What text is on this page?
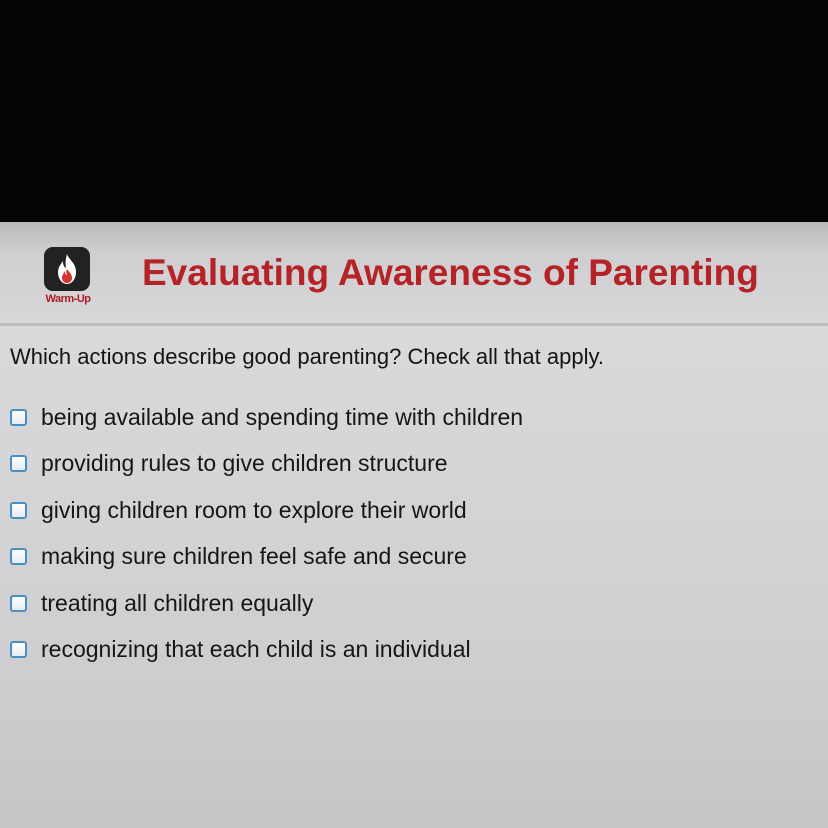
Warm-Up
Evaluating Awareness of Parenting
Which actions describe good parenting? Check all that apply.
being available and spending time with children
providing rules to give children structure
giving children room to explore their world
making sure children feel safe and secure
treating all children equally
recognizing that each child is an individual
